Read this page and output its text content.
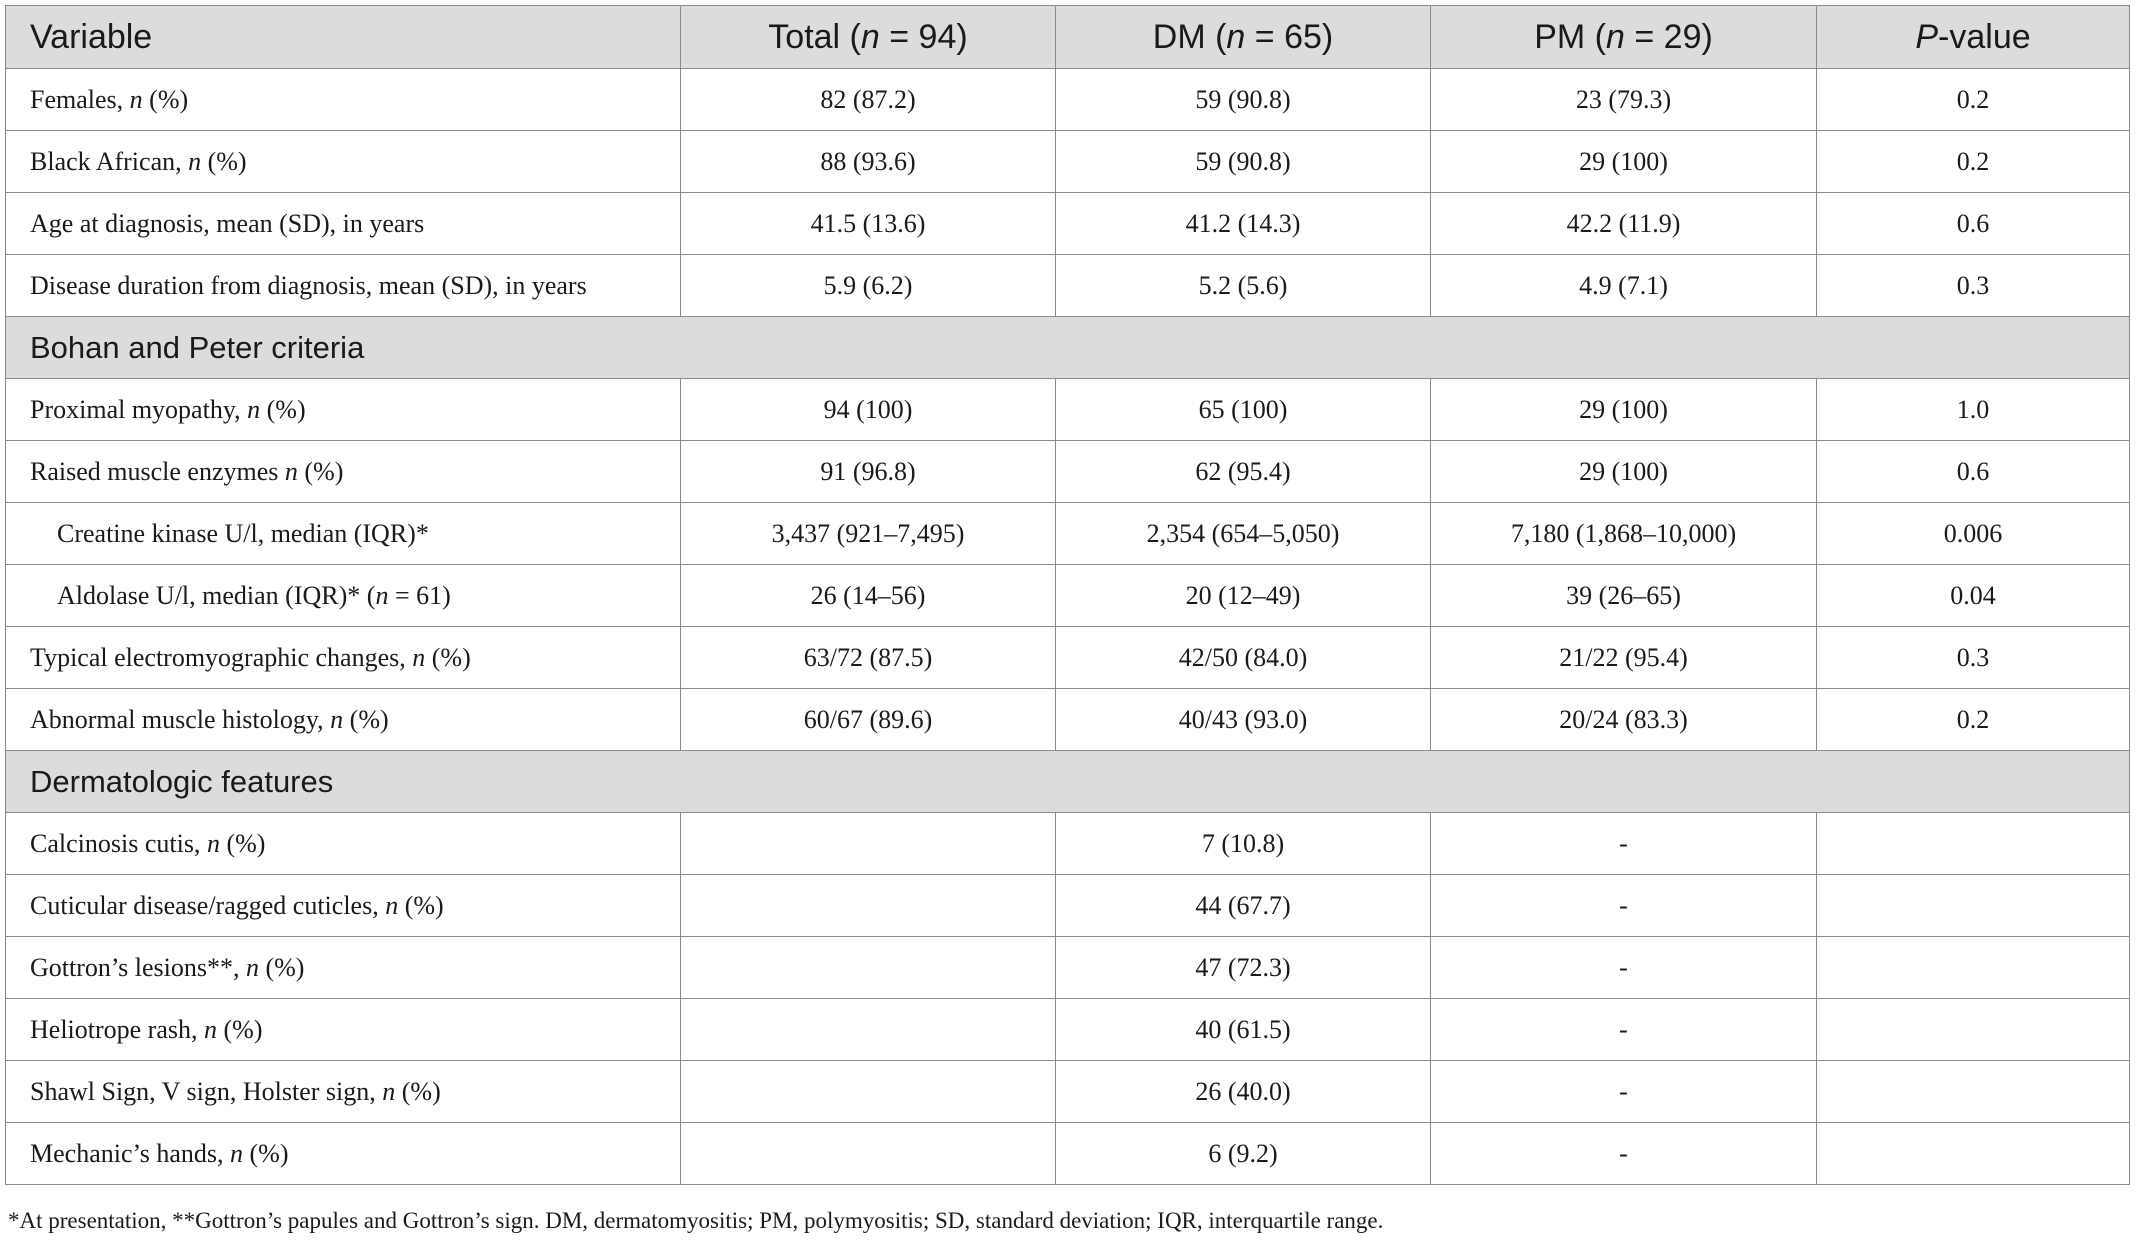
Variable	Total (n = 94)	DM (n = 65)	PM (n = 29)	P-value
Females, n (%)	82 (87.2)	59 (90.8)	23 (79.3)	0.2
Black African, n (%)	88 (93.6)	59 (90.8)	29 (100)	0.2
Age at diagnosis, mean (SD), in years	41.5 (13.6)	41.2 (14.3)	42.2 (11.9)	0.6
Disease duration from diagnosis, mean (SD), in years	5.9 (6.2)	5.2 (5.6)	4.9 (7.1)	0.3
Bohan and Peter criteria				
Proximal myopathy, n (%)	94 (100)	65 (100)	29 (100)	1.0
Raised muscle enzymes n (%)	91 (96.8)	62 (95.4)	29 (100)	0.6
Creatine kinase U/l, median (IQR)*	3,437 (921–7,495)	2,354 (654–5,050)	7,180 (1,868–10,000)	0.006
Aldolase U/l, median (IQR)* (n = 61)	26 (14–56)	20 (12–49)	39 (26–65)	0.04
Typical electromyographic changes, n (%)	63/72 (87.5)	42/50 (84.0)	21/22 (95.4)	0.3
Abnormal muscle histology, n (%)	60/67 (89.6)	40/43 (93.0)	20/24 (83.3)	0.2
Dermatologic features				
Calcinosis cutis, n (%)		7 (10.8)	-	
Cuticular disease/ragged cuticles, n (%)		44 (67.7)	-	
Gottron’s lesions**, n (%)		47 (72.3)	-	
Heliotrope rash, n (%)		40 (61.5)	-	
Shawl Sign, V sign, Holster sign, n (%)		26 (40.0)	-	
Mechanic’s hands, n (%)		6 (9.2)	-	
*At presentation, **Gottron’s papules and Gottron’s sign. DM, dermatomyositis; PM, polymyositis; SD, standard deviation; IQR, interquartile range.
